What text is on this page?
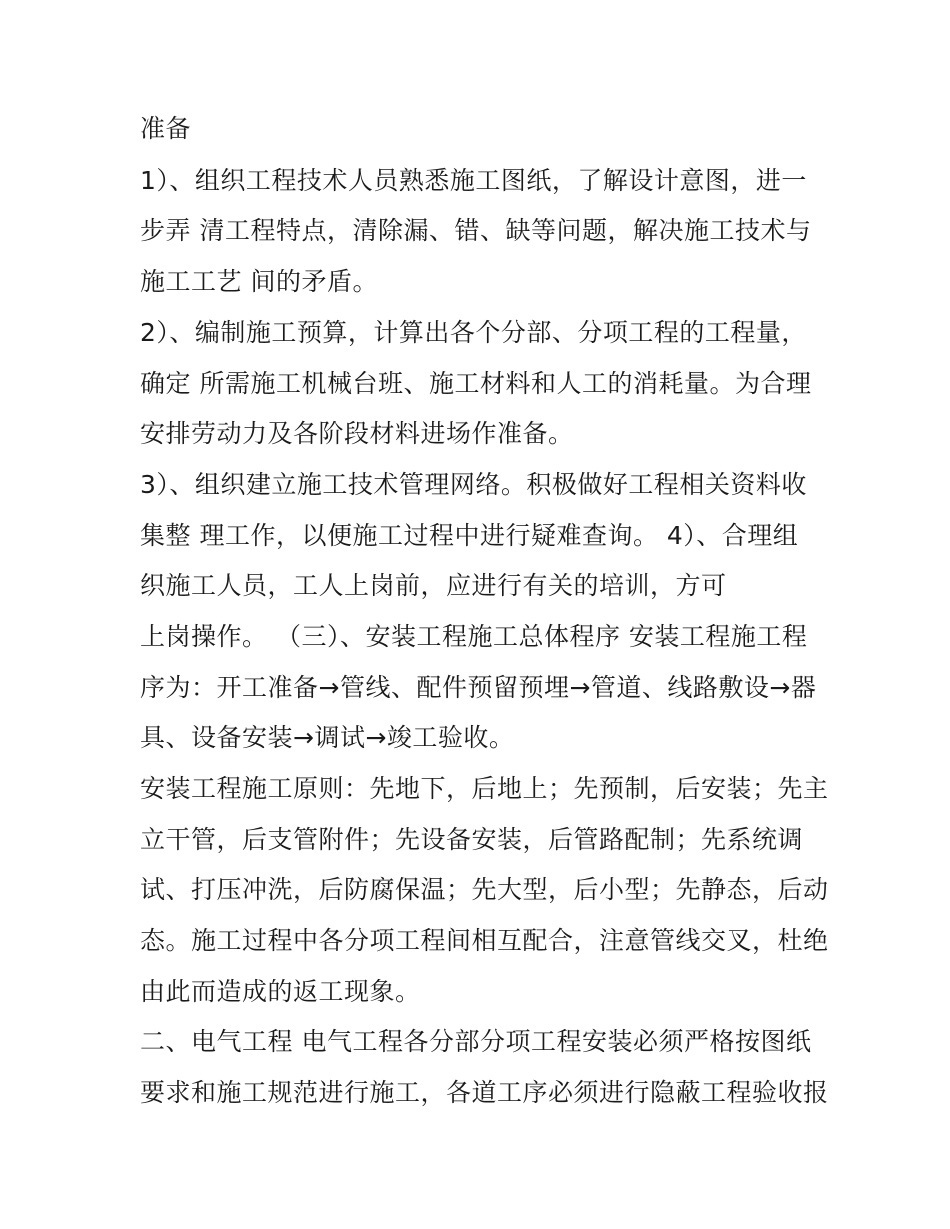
准备
1）、组织工程技术人员熟悉施工图纸，了解设计意图，进一
步弄 清工程特点，清除漏、错、缺等问题，解决施工技术与
施工工艺 间的矛盾。
2）、编制施工预算，计算出各个分部、分项工程的工程量，
确定 所需施工机械台班、施工材料和人工的消耗量。为合理
安排劳动力及各阶段材料进场作准备。
3）、组织建立施工技术管理网络。积极做好工程相关资料收
集整 理工作，以便施工过程中进行疑难查询。 4）、合理组
织施工人员，工人上岗前，应进行有关的培训，方可
上岗操作。 （三）、安装工程施工总体程序 安装工程施工程
序为：开工准备→管线、配件预留预埋→管道、线路敷设→器
具、设备安装→调试→竣工验收。
安装工程施工原则：先地下，后地上；先预制，后安装；先主
立干管，后支管附件；先设备安装，后管路配制；先系统调
试、打压冲洗，后防腐保温；先大型，后小型；先静态，后动
态。施工过程中各分项工程间相互配合，注意管线交叉，杜绝
由此而造成的返工现象。
二、电气工程 电气工程各分部分项工程安装必须严格按图纸
要求和施工规范进行施工，各道工序必须进行隐蔽工程验收报
